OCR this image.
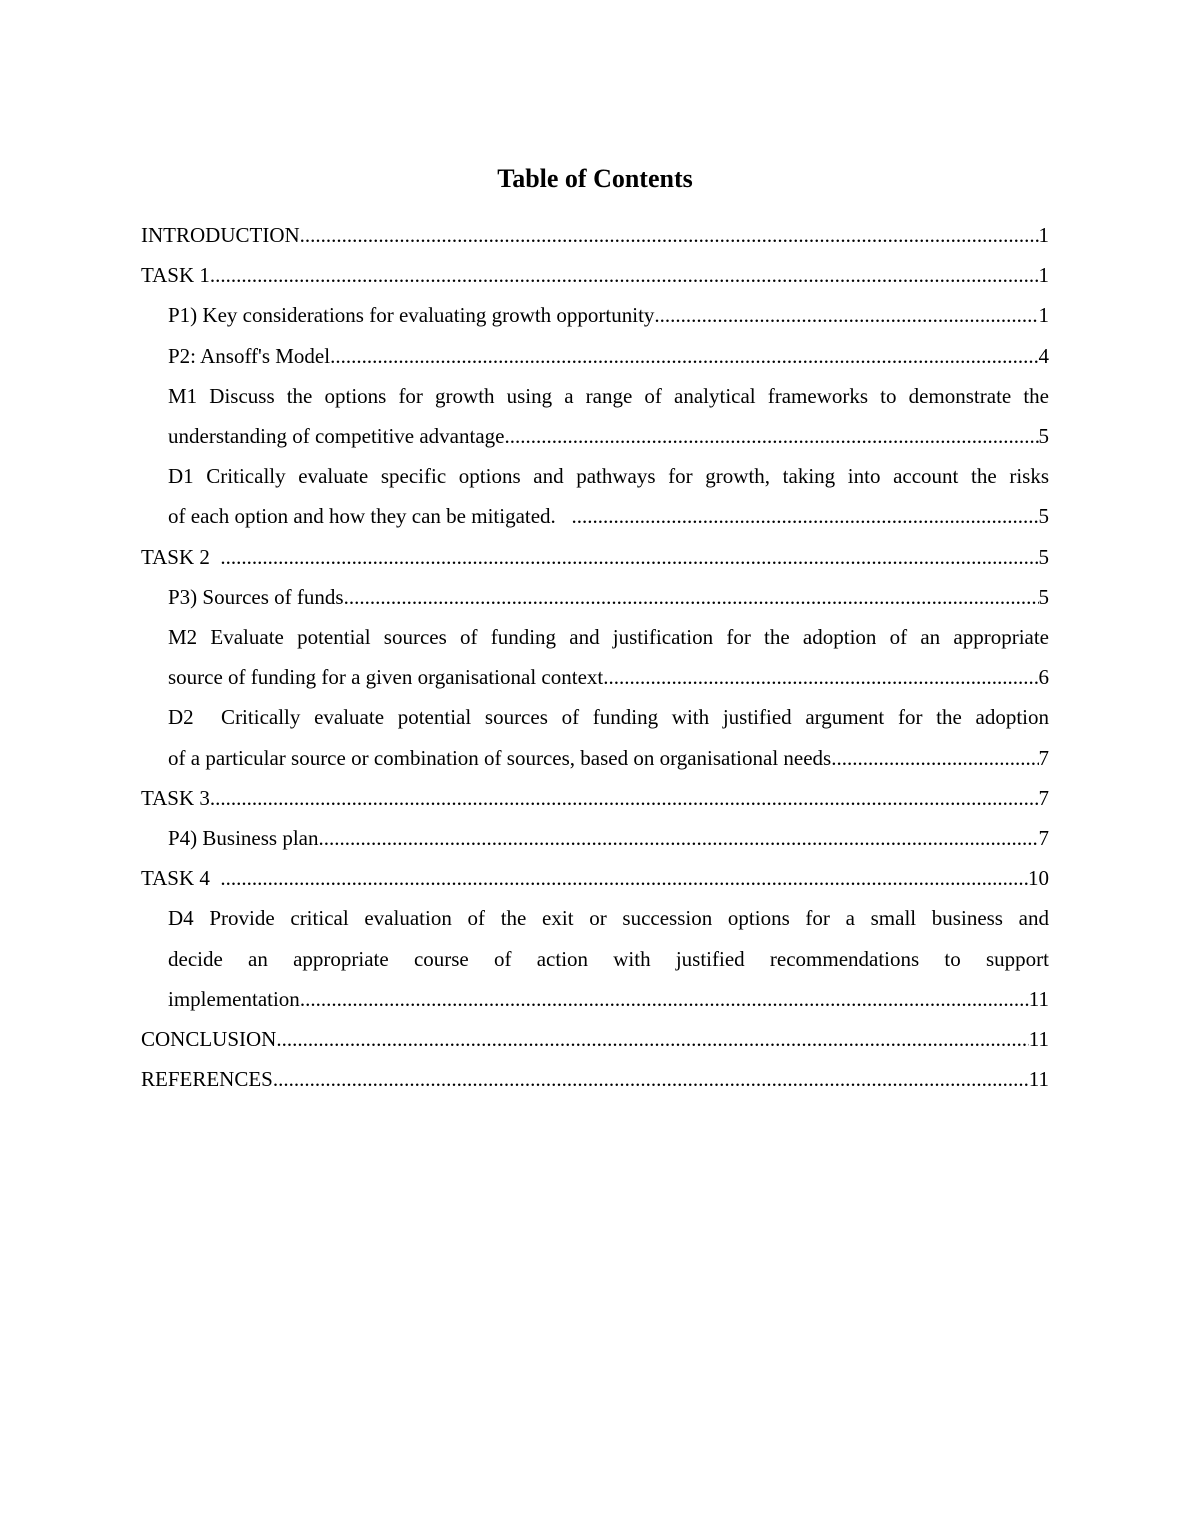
Table of Contents
INTRODUCTION .....	1
TASK 1 .....	1
P1) Key considerations for evaluating growth opportunity .....	1
P2: Ansoff's Model .....	4
M1 Discuss the options for growth using a range of analytical frameworks to demonstrate the
understanding of competitive advantage .....	5
D1 Critically evaluate specific options and pathways for growth, taking into account the risks
of each option and how they can be mitigated. .....	5
TASK 2 .....	5
P3) Sources of funds .....	5
M2 Evaluate potential sources of funding and justification for the adoption of an appropriate
source of funding for a given organisational context .....	6
D2  Critically evaluate potential sources of funding with justified argument for the adoption
of a particular source or combination of sources, based on organisational needs .....	7
TASK 3 .....	7
P4) Business plan .....	7
TASK 4 .....	10
D4 Provide critical evaluation of the exit or succession options for a small business and
decide an appropriate course of action with justified recommendations to support
implementation .....	11
CONCLUSION .....	11
REFERENCES .....	11
